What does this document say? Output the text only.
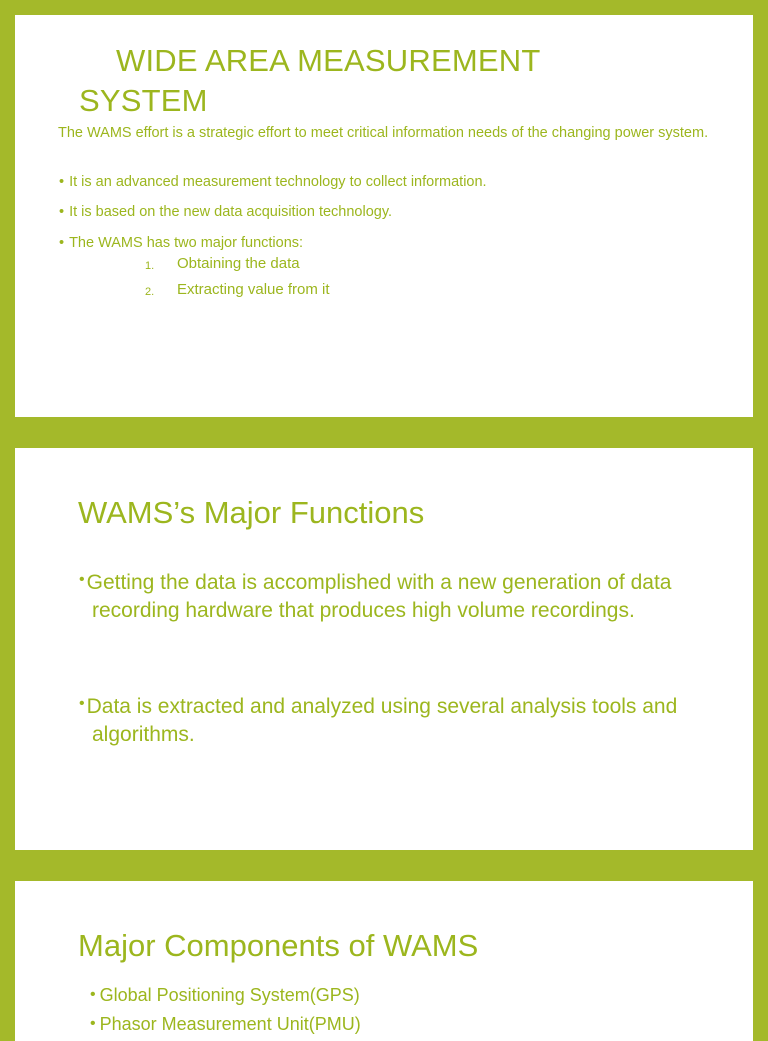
WIDE AREA MEASUREMENT
SYSTEM
The WAMS effort is a strategic effort to meet critical information needs of the changing power system.
• It is an advanced measurement technology to collect information.
• It is based on the new data acquisition technology.
• The WAMS has two major functions:
1. Obtaining the data
2. Extracting value from it
WAMS’s Major Functions
•Getting the data is accomplished with a new generation of data recording hardware that produces high volume recordings.
•Data is extracted and analyzed using several analysis tools and algorithms.
Major Components of WAMS
• Global Positioning System(GPS)
• Phasor Measurement Unit(PMU)
